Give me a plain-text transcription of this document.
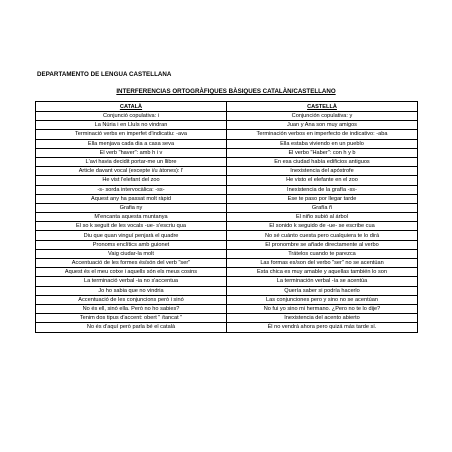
DEPARTAMENTO DE LENGUA CASTELLANA
INTERFERENCIAS ORTOGRÀFIQUES BÀSIQUES CATALÀN/CASTELLANO
CATALÀ	CASTELLÀ
Conjunció copulativa: i	Conjunción copulativa: y
La Núria i en Lluís no vindran	Juan y Ana son muy amigos
Terminació verbs en imperfet d'indicatiu: -ava	Terminación verbos en imperfecto de indicativo: -aba
Ella menjava cada dia a casa seva	Ella estaba viviendo en un pueblo
El verb "haver": amb h i v	El verbo "Haber": con h y b
L'avi havia decidit portar-me un llibre	En esa ciudad había edificios antiguos
Article davant vocal (excepte i/u àtones): l'	Inexistencia del apóstrofe
He vist l'elefant del zoo	He visto el elefante en el zoo
-s- sorda intervocàlica: -ss-	Inexistencia de la grafía -ss-
Aquest any ha passat molt ràpid	Ese te paso por llegar tarde
Grafia ny	Grafía ñ
M'encanta aquesta muntanya	El niño subió al árbol
El so k seguit de les vocals -ue- s'escriu qua	El sonido k seguido de -ue- se escribe cua
Diu que quan vinguí penjarà el quadre	No sé cuánto cuesta pero cualquiera te lo dirá
Pronoms enclítics amb guionet	El pronombre se añade directamente al verbo
Vaig ciudar-la molt	Trátelos cuando te parezca
Accentuació de les formes és/són del verb "ser"	Las formas es/son del verbo "ser" no se acentúan
Aquest és el meu cotxe i aquells són els meus cosins	Esta chica es muy amable y aquellas también lo son
La terminació verbal -ia no s'accentua	La terminación verbal -ía se acentúa
Jo ho sabia que no vindria	Quería saber si podría hacerlo
Accentuació de les conjuncions però i sinó	Las conjunciones pero y sino no se acentúan
No és ell, sinó ella. Però no ho sabies?	No fui yo sino mi hermano. ¿Pero no te lo dije?
Tenim dos tipus d'accent: obert " /tancat "	Inexistencia del acento abierto
No és d'aquí però parla bé el català	Él no vendrá ahora pero quizá más tarde sí.
